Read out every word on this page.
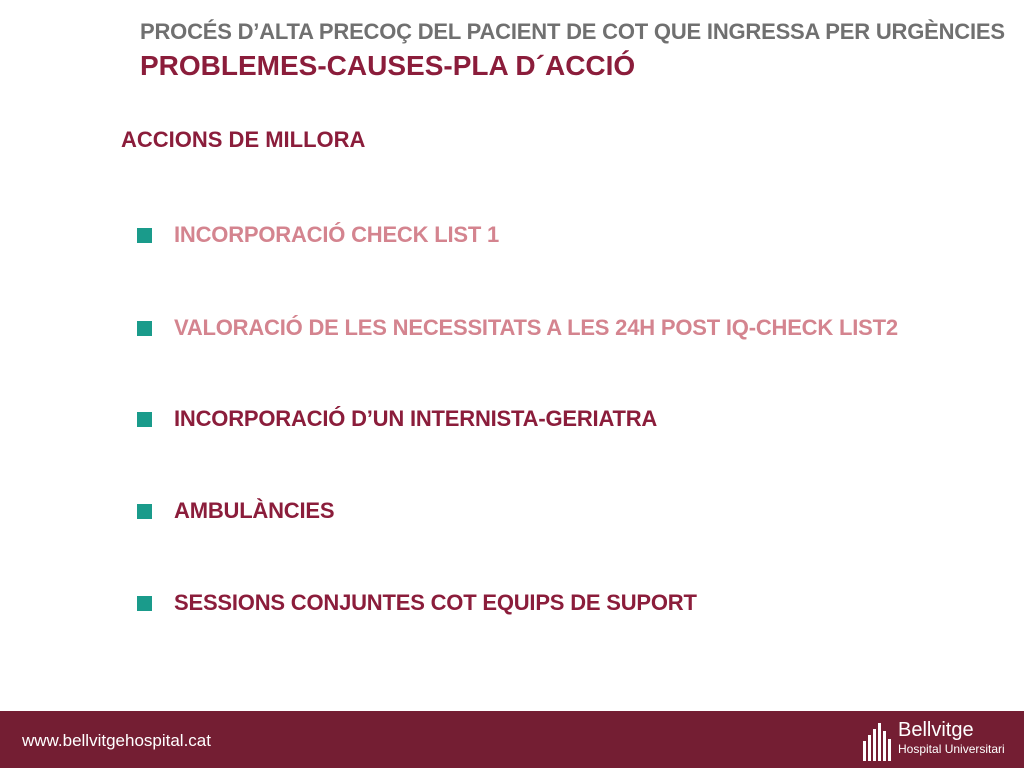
PROCÉS D’ALTA PRECOÇ DEL PACIENT DE COT QUE INGRESSA PER URGÈNCIES
PROBLEMES-CAUSES-PLA D´ACCIÓ
ACCIONS DE MILLORA
INCORPORACIÓ CHECK LIST 1
VALORACIÓ DE LES NECESSITATS A LES 24H POST IQ-CHECK LIST2
INCORPORACIÓ D’UN INTERNISTA-GERIATRA
AMBULÀNCIES
SESSIONS CONJUNTES COT EQUIPS DE SUPORT
www.bellvitgehospital.cat	Bellvitge
Hospital Universitari
